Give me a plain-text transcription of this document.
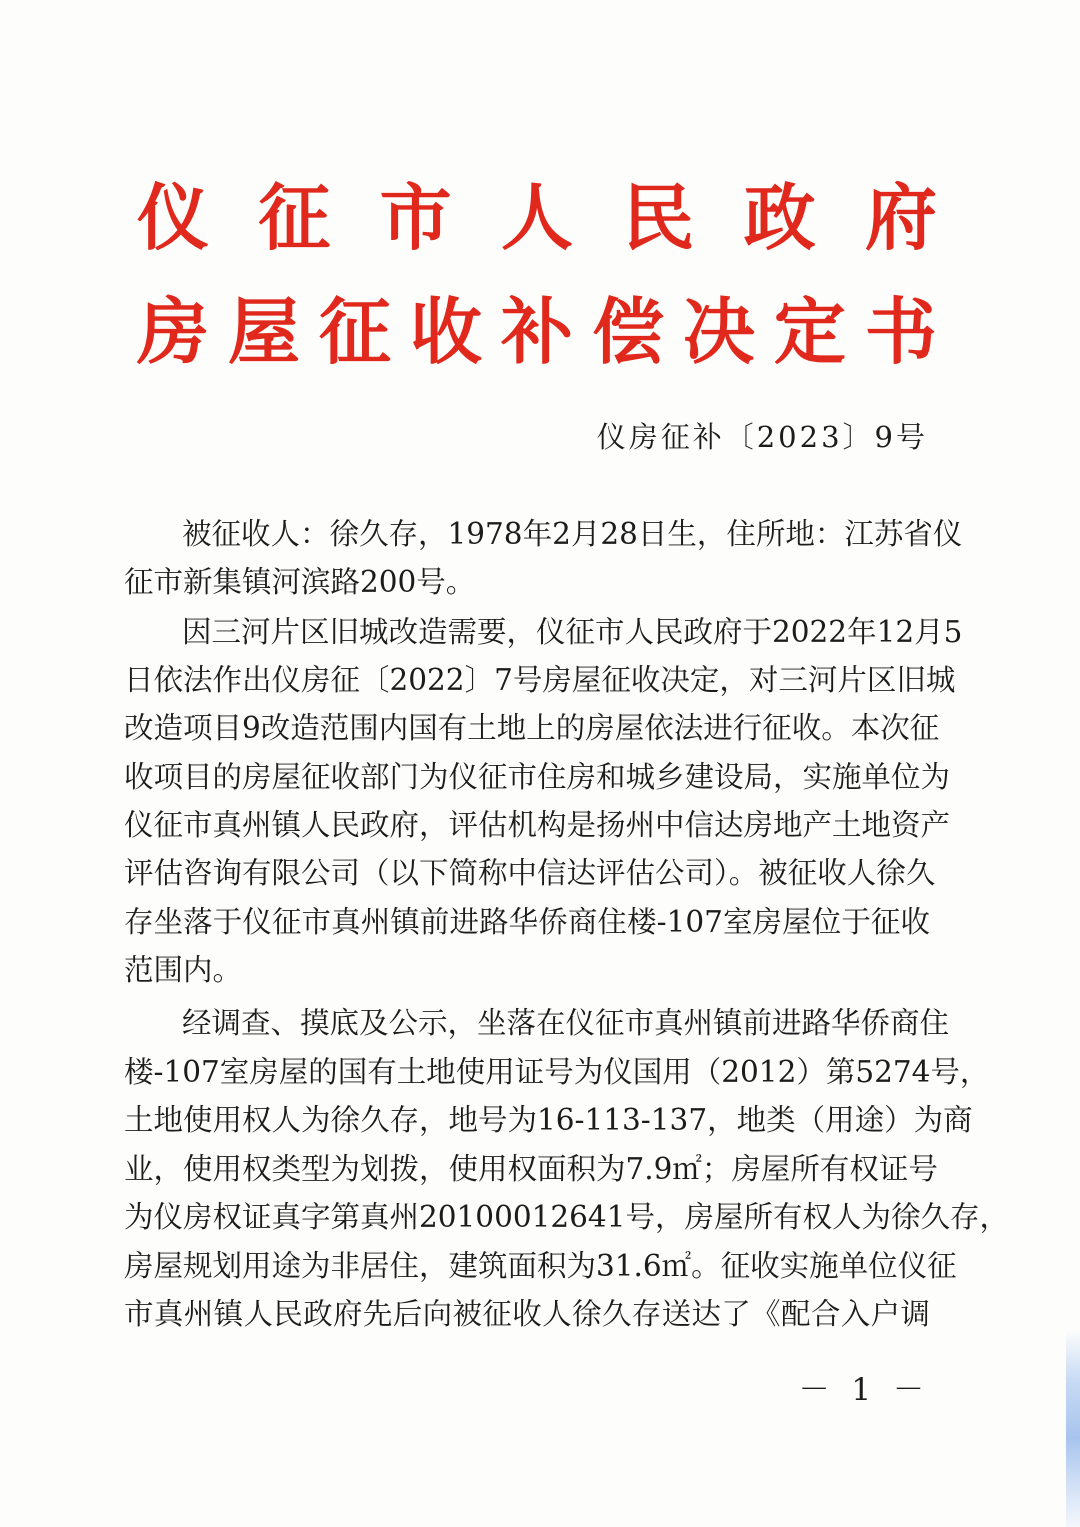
仪 征 市 人 民 政 府
房 屋 征 收 补 偿 决 定 书
仪房征补〔2023〕9号
被征收人：徐久存，1978年2月28日生，住所地：江苏省仪
征市新集镇河滨路200号。
因三河片区旧城改造需要，仪征市人民政府于2022年12月5
日依法作出仪房征〔2022〕7号房屋征收决定，对三河片区旧城
改造项目9改造范围内国有土地上的房屋依法进行征收。本次征
收项目的房屋征收部门为仪征市住房和城乡建设局，实施单位为
仪征市真州镇人民政府，评估机构是扬州中信达房地产土地资产
评估咨询有限公司（以下简称中信达评估公司）。被征收人徐久
存坐落于仪征市真州镇前进路华侨商住楼-107室房屋位于征收
范围内。
经调查、摸底及公示，坐落在仪征市真州镇前进路华侨商住
楼-107室房屋的国有土地使用证号为仪国用（2012）第5274号，
土地使用权人为徐久存，地号为16-113-137，地类（用途）为商
业，使用权类型为划拨，使用权面积为7.9㎡；房屋所有权证号
为仪房权证真字第真州20100012641号，房屋所有权人为徐久存，
房屋规划用途为非居住，建筑面积为31.6㎡。征收实施单位仪征
市真州镇人民政府先后向被征收人徐久存送达了《配合入户调
－ 1 －
